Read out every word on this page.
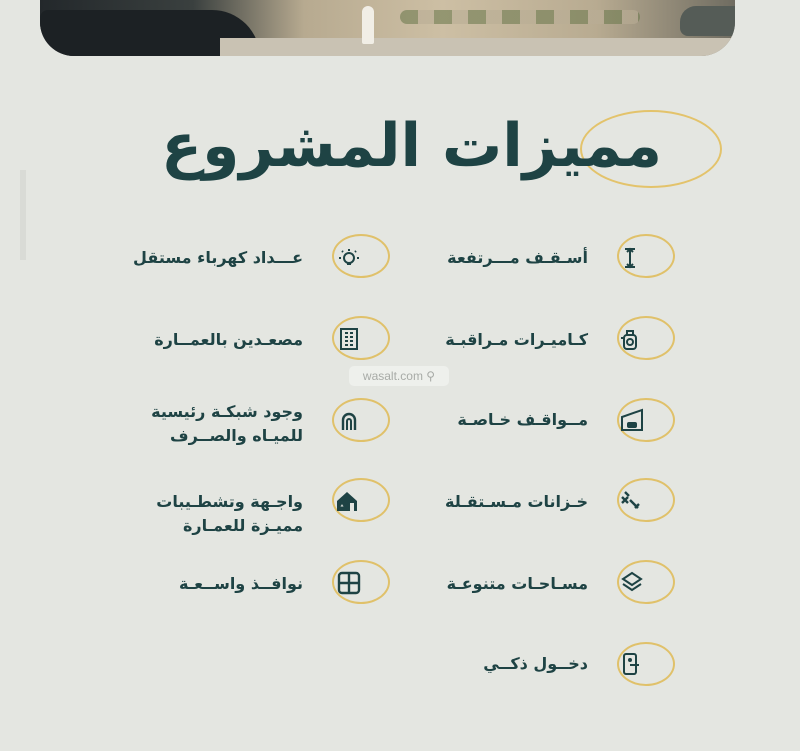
مميزات المشروع
أسـقـف مـــرتفعة
كـاميـرات مـراقبـة
مــواقـف خـاصـة
خـزانات مـسـتقـلة
مسـاحـات متنوعـة
دخــول ذكــي
عـــداد كهرباء مستقل
مصعـدين بالعمــارة
وجود شبكـة رئيسية
للميـاه والصــرف
واجـهة وتشطـيبات
مميـزة للعمـارة
نوافــذ واســعـة
wasalt.com ⚲
